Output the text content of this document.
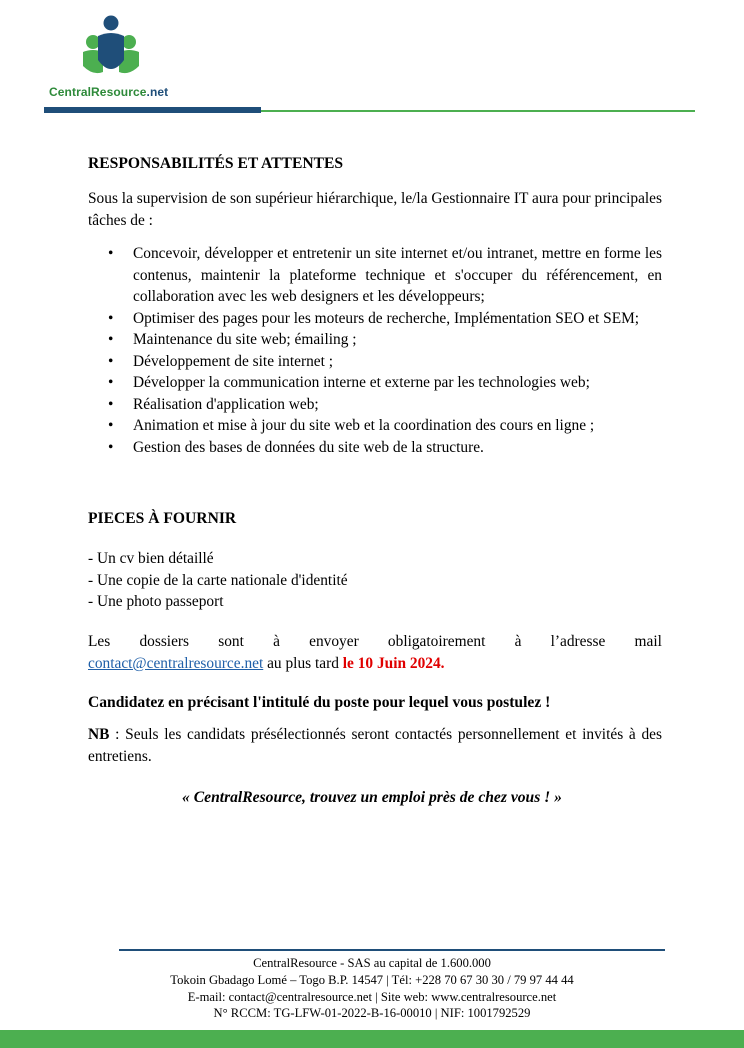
CentralResource.net
RESPONSABILITÉS ET ATTENTES
Sous la supervision de son supérieur hiérarchique, le/la Gestionnaire IT aura pour principales tâches de :
• Concevoir, développer et entretenir un site internet et/ou intranet, mettre en forme les contenus, maintenir la plateforme technique et s'occuper du référencement, en collaboration avec les web designers et les développeurs;
• Optimiser des pages pour les moteurs de recherche, Implémentation SEO et SEM;
• Maintenance du site web; émailing ;
• Développement de site internet ;
• Développer la communication interne et externe par les technologies web;
• Réalisation d'application web;
• Animation et mise à jour du site web et la coordination des cours en ligne ;
• Gestion des bases de données du site web de la structure.
PIECES À FOURNIR
- Un cv bien détaillé
- Une copie de la carte nationale d'identité
- Une photo passeport
Les dossiers sont à envoyer obligatoirement à l’adresse mail
contact@centralresource.net au plus tard le 10 Juin 2024.
Candidatez en précisant l'intitulé du poste pour lequel vous postulez !
NB : Seuls les candidats présélectionnés seront contactés personnellement et invités à des entretiens.
« CentralResource, trouvez un emploi près de chez vous ! »
CentralResource - SAS au capital de 1.600.000
Tokoin Gbadago Lomé – Togo B.P. 14547 | Tél: +228 70 67 30 30 / 79 97 44 44
E-mail: contact@centralresource.net | Site web: www.centralresource.net
N° RCCM: TG-LFW-01-2022-B-16-00010 | NIF: 1001792529
